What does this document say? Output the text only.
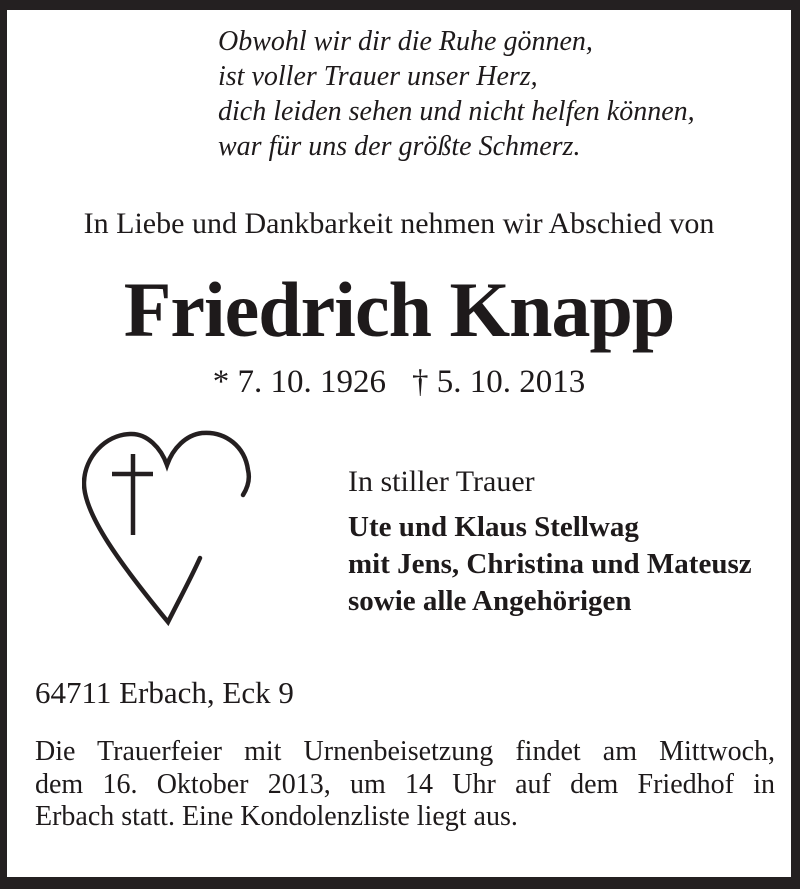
Obwohl wir dir die Ruhe gönnen,
ist voller Trauer unser Herz,
dich leiden sehen und nicht helfen können,
war für uns der größte Schmerz.
In Liebe und Dankbarkeit nehmen wir Abschied von
Friedrich Knapp
* 7. 10. 1926 † 5. 10. 2013
In stiller Trauer
Ute und Klaus Stellwag
mit Jens, Christina und Mateusz
sowie alle Angehörigen
64711 Erbach, Eck 9
Die Trauerfeier mit Urnenbeisetzung findet am Mittwoch,
dem 16. Oktober 2013, um 14 Uhr auf dem Friedhof in
Erbach statt. Eine Kondolenzliste liegt aus.
